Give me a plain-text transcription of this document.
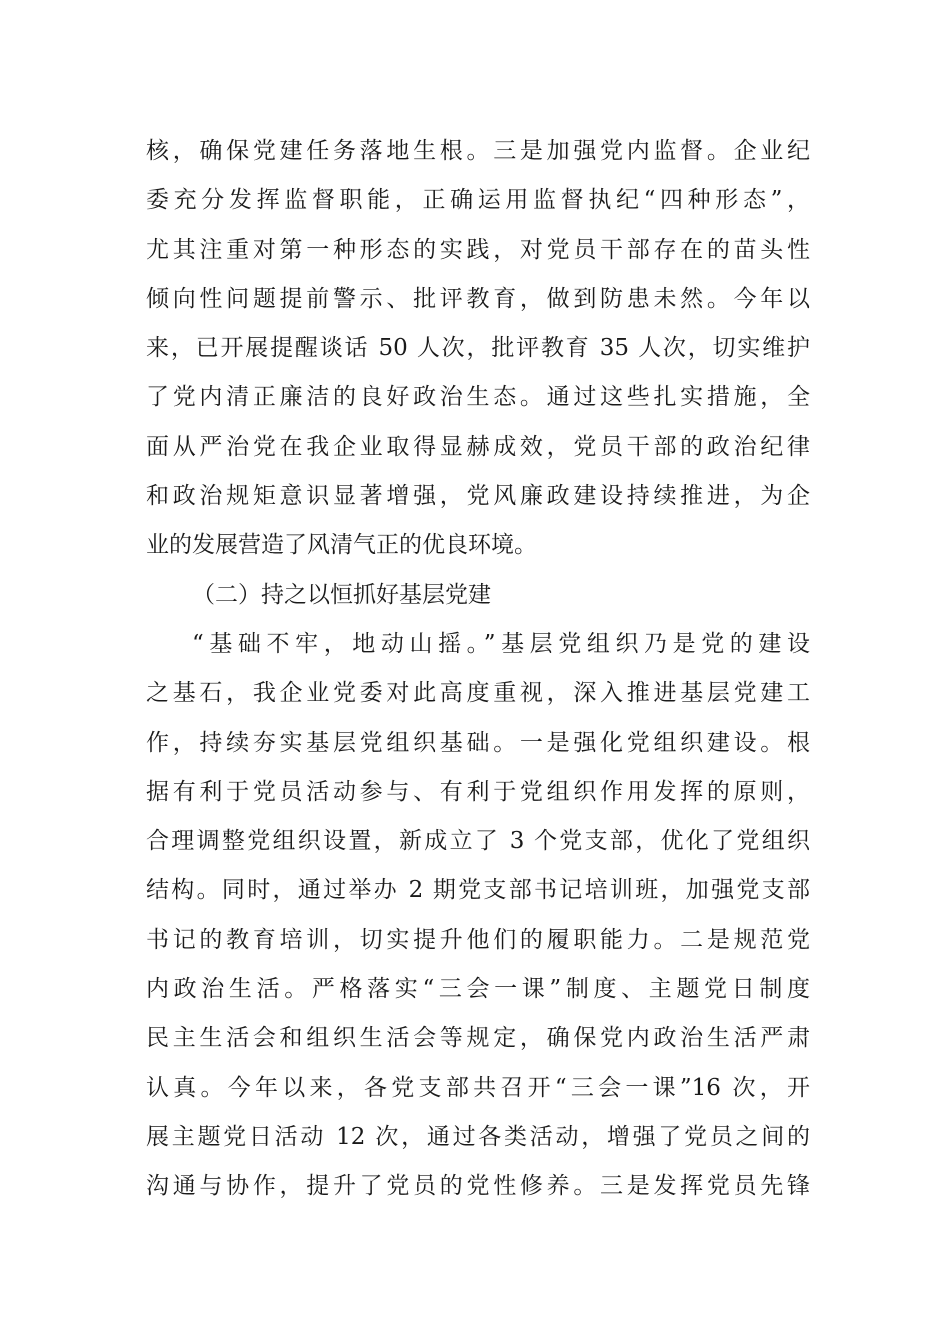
核，确保党建任务落地生根。三是加强党内监督。企业纪
委充分发挥监督职能，正确运用监督执纪“四种形态”，
尤其注重对第一种形态的实践，对党员干部存在的苗头性
倾向性问题提前警示、批评教育，做到防患未然。今年以
来，已开展提醒谈话 50 人次，批评教育 35 人次，切实维护
了党内清正廉洁的良好政治生态。通过这些扎实措施，全
面从严治党在我企业取得显赫成效，党员干部的政治纪律
和政治规矩意识显著增强，党风廉政建设持续推进，为企
业的发展营造了风清气正的优良环境。
（二）持之以恒抓好基层党建
“基础不牢，地动山摇。”基层党组织乃是党的建设
之基石，我企业党委对此高度重视，深入推进基层党建工
作，持续夯实基层党组织基础。一是强化党组织建设。根
据有利于党员活动参与、有利于党组织作用发挥的原则，
合理调整党组织设置，新成立了 3 个党支部，优化了党组织
结构。同时，通过举办 2 期党支部书记培训班，加强党支部
书记的教育培训，切实提升他们的履职能力。二是规范党
内政治生活。严格落实“三会一课”制度、主题党日制度
民主生活会和组织生活会等规定，确保党内政治生活严肃
认真。今年以来，各党支部共召开“三会一课”16 次，开
展主题党日活动 12 次，通过各类活动，增强了党员之间的
沟通与协作，提升了党员的党性修养。三是发挥党员先锋
